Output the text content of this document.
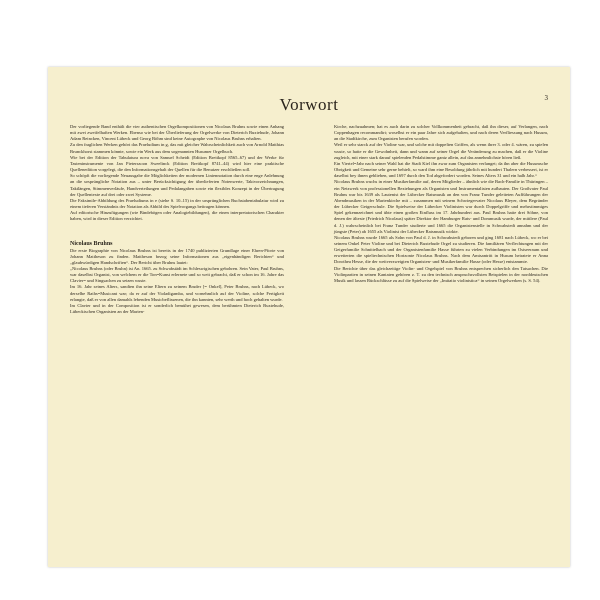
Vorwort	3

Der vorliegende Band enthält die vier authentischen Orgelkompositionen von Nicolaus Bruhns sowie einen Anhang mit zwei zweifelhaften Werken. Ebenso wie bei der Überlieferung der Orgelwerke von Dieterich Buxtehude, Johann Adam Reincken, Vincent Lübeck und Georg Böhm sind keine Autographe von Nicolaus Bruhns erhalten.

Zu den fraglichen Werken gehört das Praeludium in g, das mit gleicher Wahrscheinlichkeit auch von Arnold Matthias Brunckhorst stammen könnte, sowie ein Werk aus dem sogenannten Husumer Orgelbuch.

Wie bei der Edition der Tabulatura nova von Samuel Scheidt (Edition Breitkopf 8565–67) und der Werke für Tasteninstrumente von Jan Pieterszoon Sweelinck (Edition Breitkopf 8741–44) wird hier eine praktische Quellenedition vorgelegt, die den Informationsgehalt der Quellen für die Benutzer erschließen soll.

So schöpft die vorliegende Neuausgabe die Möglichkeiten der modernen Liniennotation durch eine enge Anlehnung an die ursprüngliche Notation aus – unter Berücksichtigung der überlieferten Notenwerte, Taktvorzeichnungen, Taktlängen, Stimmenverläufe, Handverteilungen und Pedalangaben sowie ein flexibles Konzept in der Übertragung der Quellentexte auf drei oder zwei Systeme.

Die Faksimile-Abbildung des Praeludiums in e (siehe S. 10–15) in der ursprünglichen Buchstabentabulatur wird zu einem tieferen Verständnis der Notation als Abbild des Spielvorgangs beitragen können.

Auf editorische Hinzufügungen (wie Bindebögen oder Analogiebildungen), die einen interpretatorischen Charakter haben, wird in dieser Edition verzichtet.

Nicolaus Bruhns

Die erste Biographie von Nicolaus Bruhns ist bereits in der 1740 publizierten Grundlage einer Ehren-Pforte von Johann Mattheson zu finden. Mattheson bezog seine Informationen aus „eigenhändigen Berichten“ und „glaubwürdigen Handschriften“. Der Bericht über Bruhns lautet:

„Nicolaus Bruhns (oder Bruhn) ist An. 1665. zu Schwabstädt im Schleswigischen gebohren. Sein Vater, Paul Bruhns, war daselbst Organist, von welchem er die Ton=Kunst erlernete und so weit gebracht, daß er schon im 16. Jahre das Clavier= und Singsachen zu setzen wuste.

Im 16. Jahr seines Alters, sandten ihn seine Eltern zu seinem Bruder [= Onkel], Peter Bruhns, nach Lübeck, wo derselbe Raths=Musicant war; da er auf der Violadigamba, und vornehmlich auf der Violine, solche Fertigkeit erlangte, daß er von allen damahls lebenden Musicbeflissenen, die ihn kannten, sehr werth und hoch gehalten wurde.

Im Clavier und in der Composition ist er sonderlich bemühet gewesen, dem berühmten Dieterich Buxtehude, Lübeckischen Organisten an der Marien-

Kirche, nachzuahmen; hat es auch darin zu solcher Vollkommenheit gebracht, daß ihn dieser, auf Verlangen, nach Coppenhagen recommandirt; woselbst er ein paar Jahre sich aufgehalten, und nach deren Verfliessung nach Husum, an die Stadtkirche, zum Organisten berufen worden.

Weil er sehr starck auf der Violine war, und solche mit doppelten Griffen, als wenn ihrer 3. oder 4. wären, zu spielen wuste, so hatte er die Gewohnheit, dann und wann auf seiner Orgel die Veränderung zu machen, daß er die Violine zugleich, mit einer stark darauf spielenden Pedalstimme gantz allein, auf das annehmlichste hören ließ.

Ein Viertel=Jahr nach seiner Wahl hat die Stadt Kiel ihn zwar zum Organisten verlanget; da ihn aber die Husumsche Obrigkeit und Gemeine sehr gerne behielt, so ward ihm eine Besoldung jährlich mit hundert Thalern verbessert, ist er daselbst bey ihnen geblieben, und 1697 durch den Tod abgefordert worden. Seines Alters 31 und ein halb Jahr.“

Nicolaus Bruhns wuchs in einer Musikerfamilie auf, deren Mitglieder – ähnlich wie die Bach-Familie in Thüringen – ein Netzwerk von professionellen Beziehungen als Organisten und Instrumentalisten aufbauten. Der Großvater Paul Bruhns war bis 1639 als Lautenist der Lübecker Ratsmusik an den von Franz Tunder geleiteten Aufführungen der Abendmusiken in der Marienkirche mit – zusammen mit seinem Schwiegervater Nicolaus Bleyer, dem Begründer der Lübecker Geigerschule. Die Spielweise der Lübecker Violinisten war durch Doppelgriffe und mehrstimmiges Spiel gekennzeichnet und übte einen großen Einfluss im 17. Jahrhundert aus. Paul Bruhns hatte drei Söhne, von denen der älteste (Friedrich Nicolaus) später Direktor der Hamburger Rats- und Dommusik wurde, der mittlere (Paul d. J.) wahrscheinlich bei Franz Tunder studierte und 1665 die Organistenstelle in Schwabstedt annahm und der jüngste (Peter) ab 1655 als Violinist der Lübecker Ratsmusik wirkte.

Nicolaus Bruhns wurde 1665 als Sohn von Paul d. J. in Schwabstedt geboren und ging 1681 nach Lübeck, wo er bei seinem Onkel Peter Violine und bei Dieterich Buxtehude Orgel zu studieren. Die familiären Verflechtungen mit der Geigerfamilie Schnittelbach und der Organistenfamilie Hasse führten zu vielen Verbindungen im Ostseeraum und erweiterten die spieltechnischen Horizonte Nicolaus Bruhns. Nach dem Amtsantritt in Husum heiratete er Anna Dorothea Hesse, die der weitverzweigten Organisten- und Musikerfamilie Hasse (oder Hesse) entstammte.

Die Berichte über das gleichzeitige Violin- und Orgelspiel von Bruhns entsprechen sicherlich den Tatsachen. Die Violinpartien in seinen Kantaten gehören z. T. zu den technisch anspruchsvollsten Beispielen in der norddeutschen Musik und lassen Rückschlüsse zu auf die Spielweise der „Imitatio violinistica“ in seinen Orgelwerken (s. S. 54).
